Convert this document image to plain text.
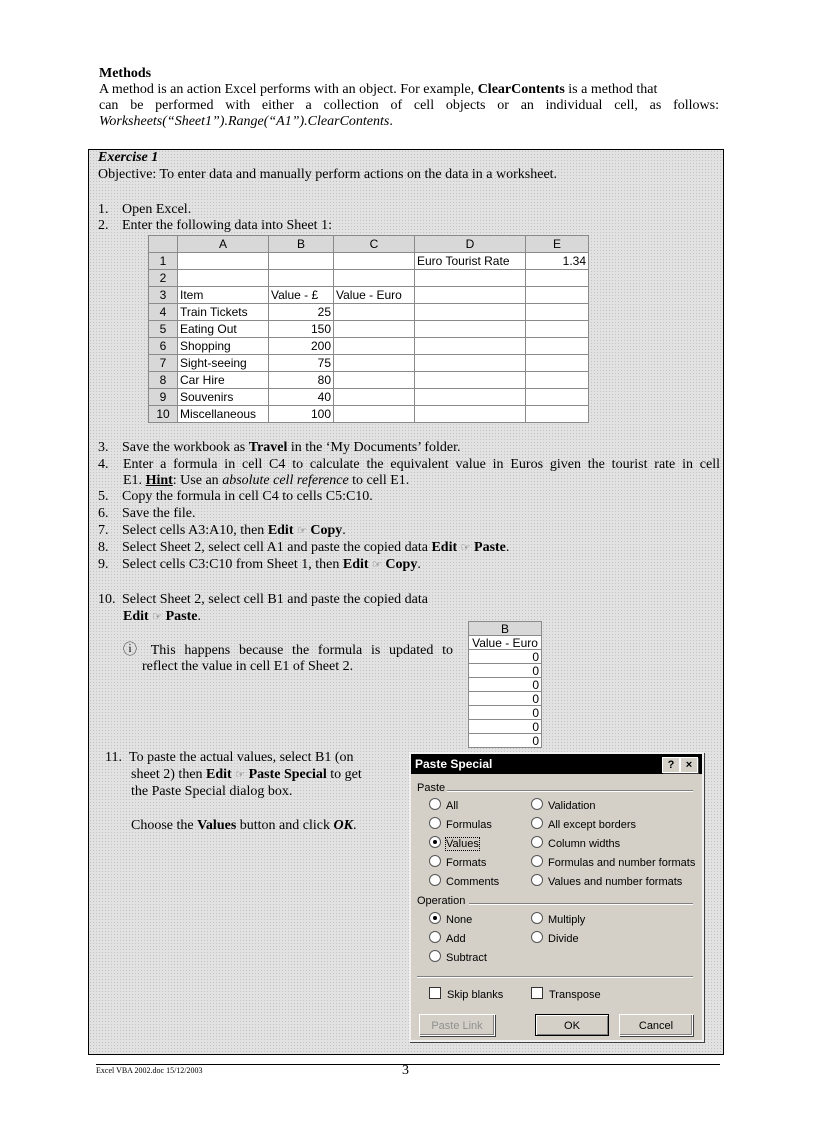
Methods
A method is an action Excel performs with an object. For example, ClearContents is a method that
can be performed with either a collection of cell objects or an individual cell, as follows:
Worksheets(“Sheet1”).Range(“A1”).ClearContents.
Exercise 1
Objective: To enter data and manually perform actions on the data in a worksheet.
1. Open Excel.
2. Enter the following data into Sheet 1:
	A	B	C	D	E
1				Euro Tourist Rate	1.34
2					
3	Item	Value - £	Value - Euro		
4	Train Tickets	25			
5	Eating Out	150			
6	Shopping	200			
7	Sight-seeing	75			
8	Car Hire	80			
9	Souvenirs	40			
10	Miscellaneous	100			
3. Save the workbook as Travel in the ‘My Documents’ folder.
4. Enter a formula in cell C4 to calculate the equivalent value in Euros given the tourist rate in cell
E1. Hint: Use an absolute cell reference to cell E1.
5. Copy the formula in cell C4 to cells C5:C10.
6. Save the file.
7. Select cells A3:A10, then Edit ☞ Copy.
8. Select Sheet 2, select cell A1 and paste the copied data Edit ☞ Paste.
9. Select cells C3:C10 from Sheet 1, then Edit ☞ Copy.
10. Select Sheet 2, select cell B1 and paste the copied data
Edit ☞ Paste.
ⓘ This happens because the formula is updated to
reflect the value in cell E1 of Sheet 2.
B
Value - Euro
0
0
0
0
0
0
0
11. To paste the actual values, select B1 (on
sheet 2) then Edit ☞ Paste Special to get
the Paste Special dialog box.
Choose the Values button and click OK.
Paste Special	?	×
Paste
All
Formulas
Values
Formats
Comments
Validation
All except borders
Column widths
Formulas and number formats
Values and number formats
Operation
None
Add
Subtract
Multiply
Divide
Skip blanks	Transpose
Paste Link	OK	Cancel
Excel VBA 2002.doc 15/12/2003	3
